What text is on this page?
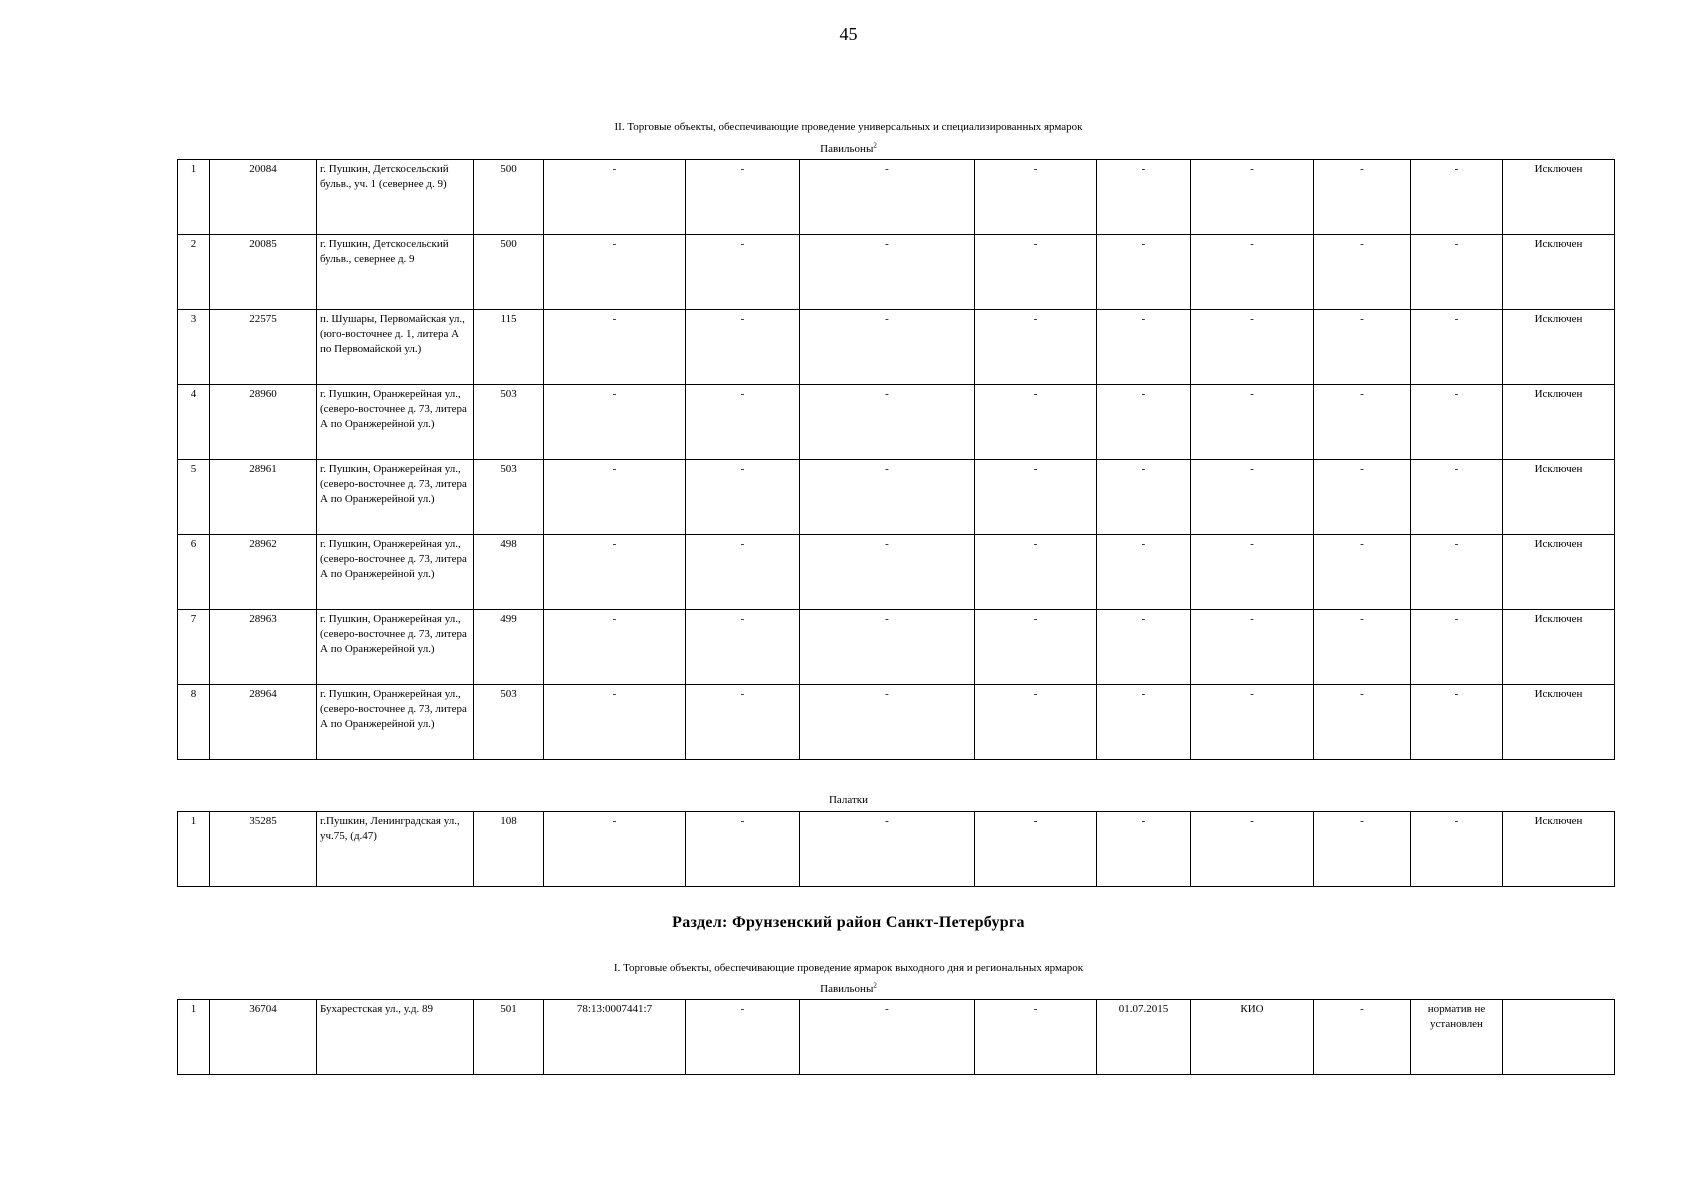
45
II. Торговые объекты, обеспечивающие проведение универсальных и специализированных ярмарок
Павильоны$^2$
1	20084	г. Пушкин, Детскосельский бульв., уч. 1 (севернее д. 9)	500	-	-	-	-	-	-	-	-	Исключен
2	20085	г. Пушкин, Детскосельский бульв., севернее д. 9	500	-	-	-	-	-	-	-	-	Исключен
3	22575	п. Шушары, Первомайская ул., (юго-восточнее д. 1, литера А по Первомайской ул.)	115	-	-	-	-	-	-	-	-	Исключен
4	28960	г. Пушкин, Оранжерейная ул., (северо-восточнее д. 73, литера А по Оранжерейной ул.)	503	-	-	-	-	-	-	-	-	Исключен
5	28961	г. Пушкин, Оранжерейная ул., (северо-восточнее д. 73, литера А по Оранжерейной ул.)	503	-	-	-	-	-	-	-	-	Исключен
6	28962	г. Пушкин, Оранжерейная ул., (северо-восточнее д. 73, литера А по Оранжерейной ул.)	498	-	-	-	-	-	-	-	-	Исключен
7	28963	г. Пушкин, Оранжерейная ул., (северо-восточнее д. 73, литера А по Оранжерейной ул.)	499	-	-	-	-	-	-	-	-	Исключен
8	28964	г. Пушкин, Оранжерейная ул., (северо-восточнее д. 73, литера А по Оранжерейной ул.)	503	-	-	-	-	-	-	-	-	Исключен
Палатки
1	35285	г.Пушкин, Ленинградская ул., уч.75, (д.47)	108	-	-	-	-	-	-	-	-	Исключен
Раздел: Фрунзенский район Санкт-Петербурга
I. Торговые объекты, обеспечивающие проведение ярмарок выходного дня и региональных ярмарок
Павильоны$^2$
1	36704	Бухарестская ул., у.д. 89	501	78:13:0007441:7	-	-	-	01.07.2015	КИО	-	норматив не установлен	
